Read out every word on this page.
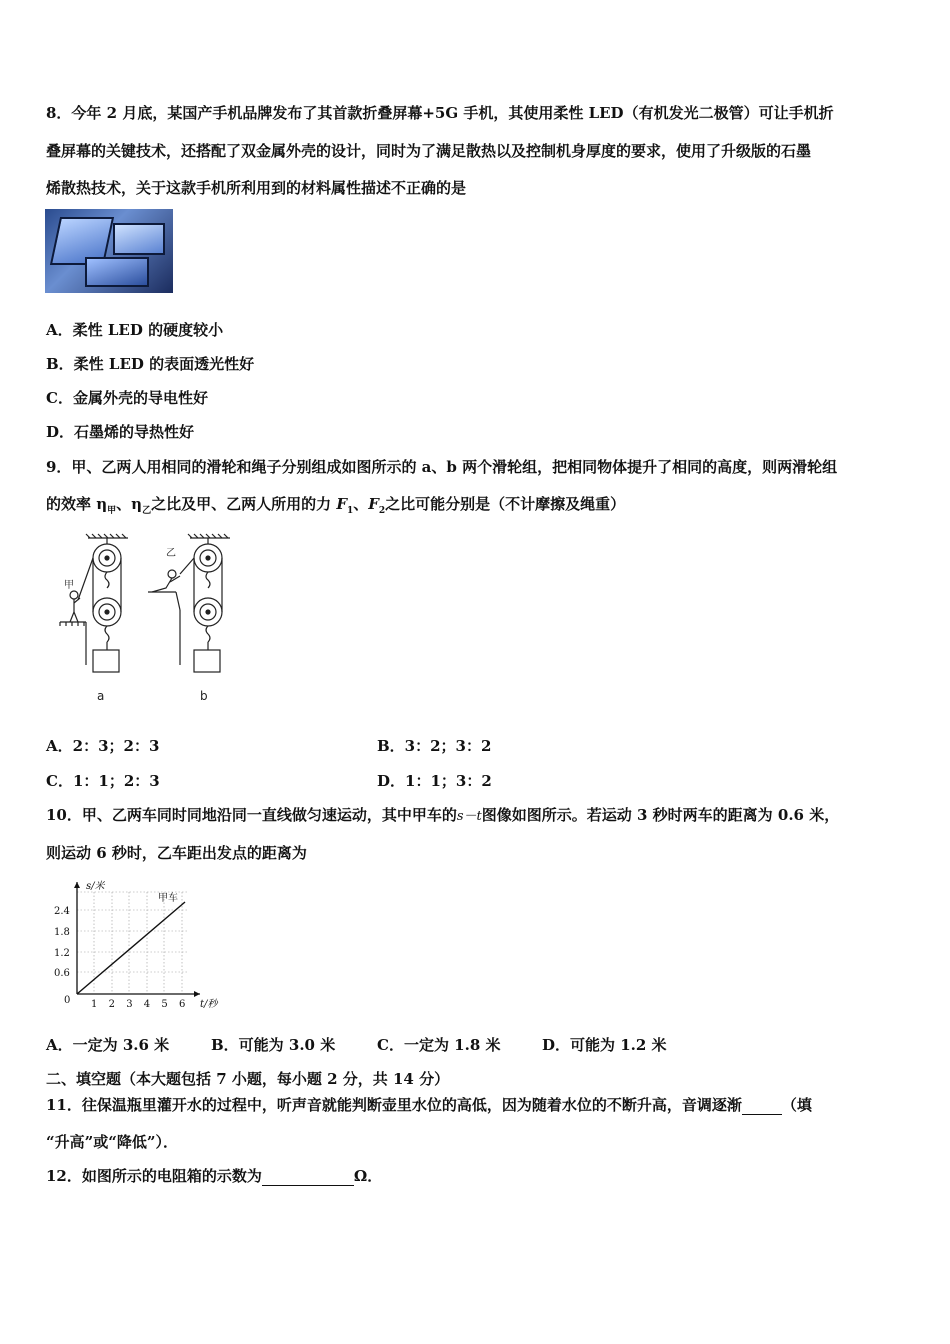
8．今年 2 月底，某国产手机品牌发布了其首款折叠屏幕+5G 手机，其使用柔性 LED（有机发光二极管）可让手机折
叠屏幕的关键技术，还搭配了双金属外壳的设计，同时为了满足散热以及控制机身厚度的要求，使用了升级版的石墨
烯散热技术，关于这款手机所利用到的材料属性描述不正确的是
A．柔性 LED 的硬度较小
B．柔性 LED 的表面透光性好
C．金属外壳的导电性好
D．石墨烯的导热性好
9．甲、乙两人用相同的滑轮和绳子分别组成如图所示的 a、b 两个滑轮组，把相同物体提升了相同的高度，则两滑轮组
的效率 $\eta_甲$、$\eta_乙$之比及甲、乙两人所用的力 $F_1$、$F_2$之比可能分别是（不计摩擦及绳重）
甲
乙
a	b
A．2：3；2：3	B．3：2；3：2
C．1：1；2：3	D．1：1；3：2
10．甲、乙两车同时同地沿同一直线做匀速运动，其中甲车的s－t图像如图所示。若运动 3 秒时两车的距离为 0.6 米，
则运动 6 秒时，乙车距出发点的距离为
0.6
1.2
1.8
2.4
1 2 3 4 5 6
s/米
t/秒
甲车
0
A．一定为 3.6 米	B．可能为 3.0 米	C．一定为 1.8 米	D．可能为 1.2 米
二、填空题（本大题包括 7 小题，每小题 2 分，共 14 分）
11．往保温瓶里灌开水的过程中，听声音就能判断壶里水位的高低，因为随着水位的不断升高，音调逐渐	（填
“升高”或“降低”）．
12．如图所示的电阻箱的示数为	Ω．
